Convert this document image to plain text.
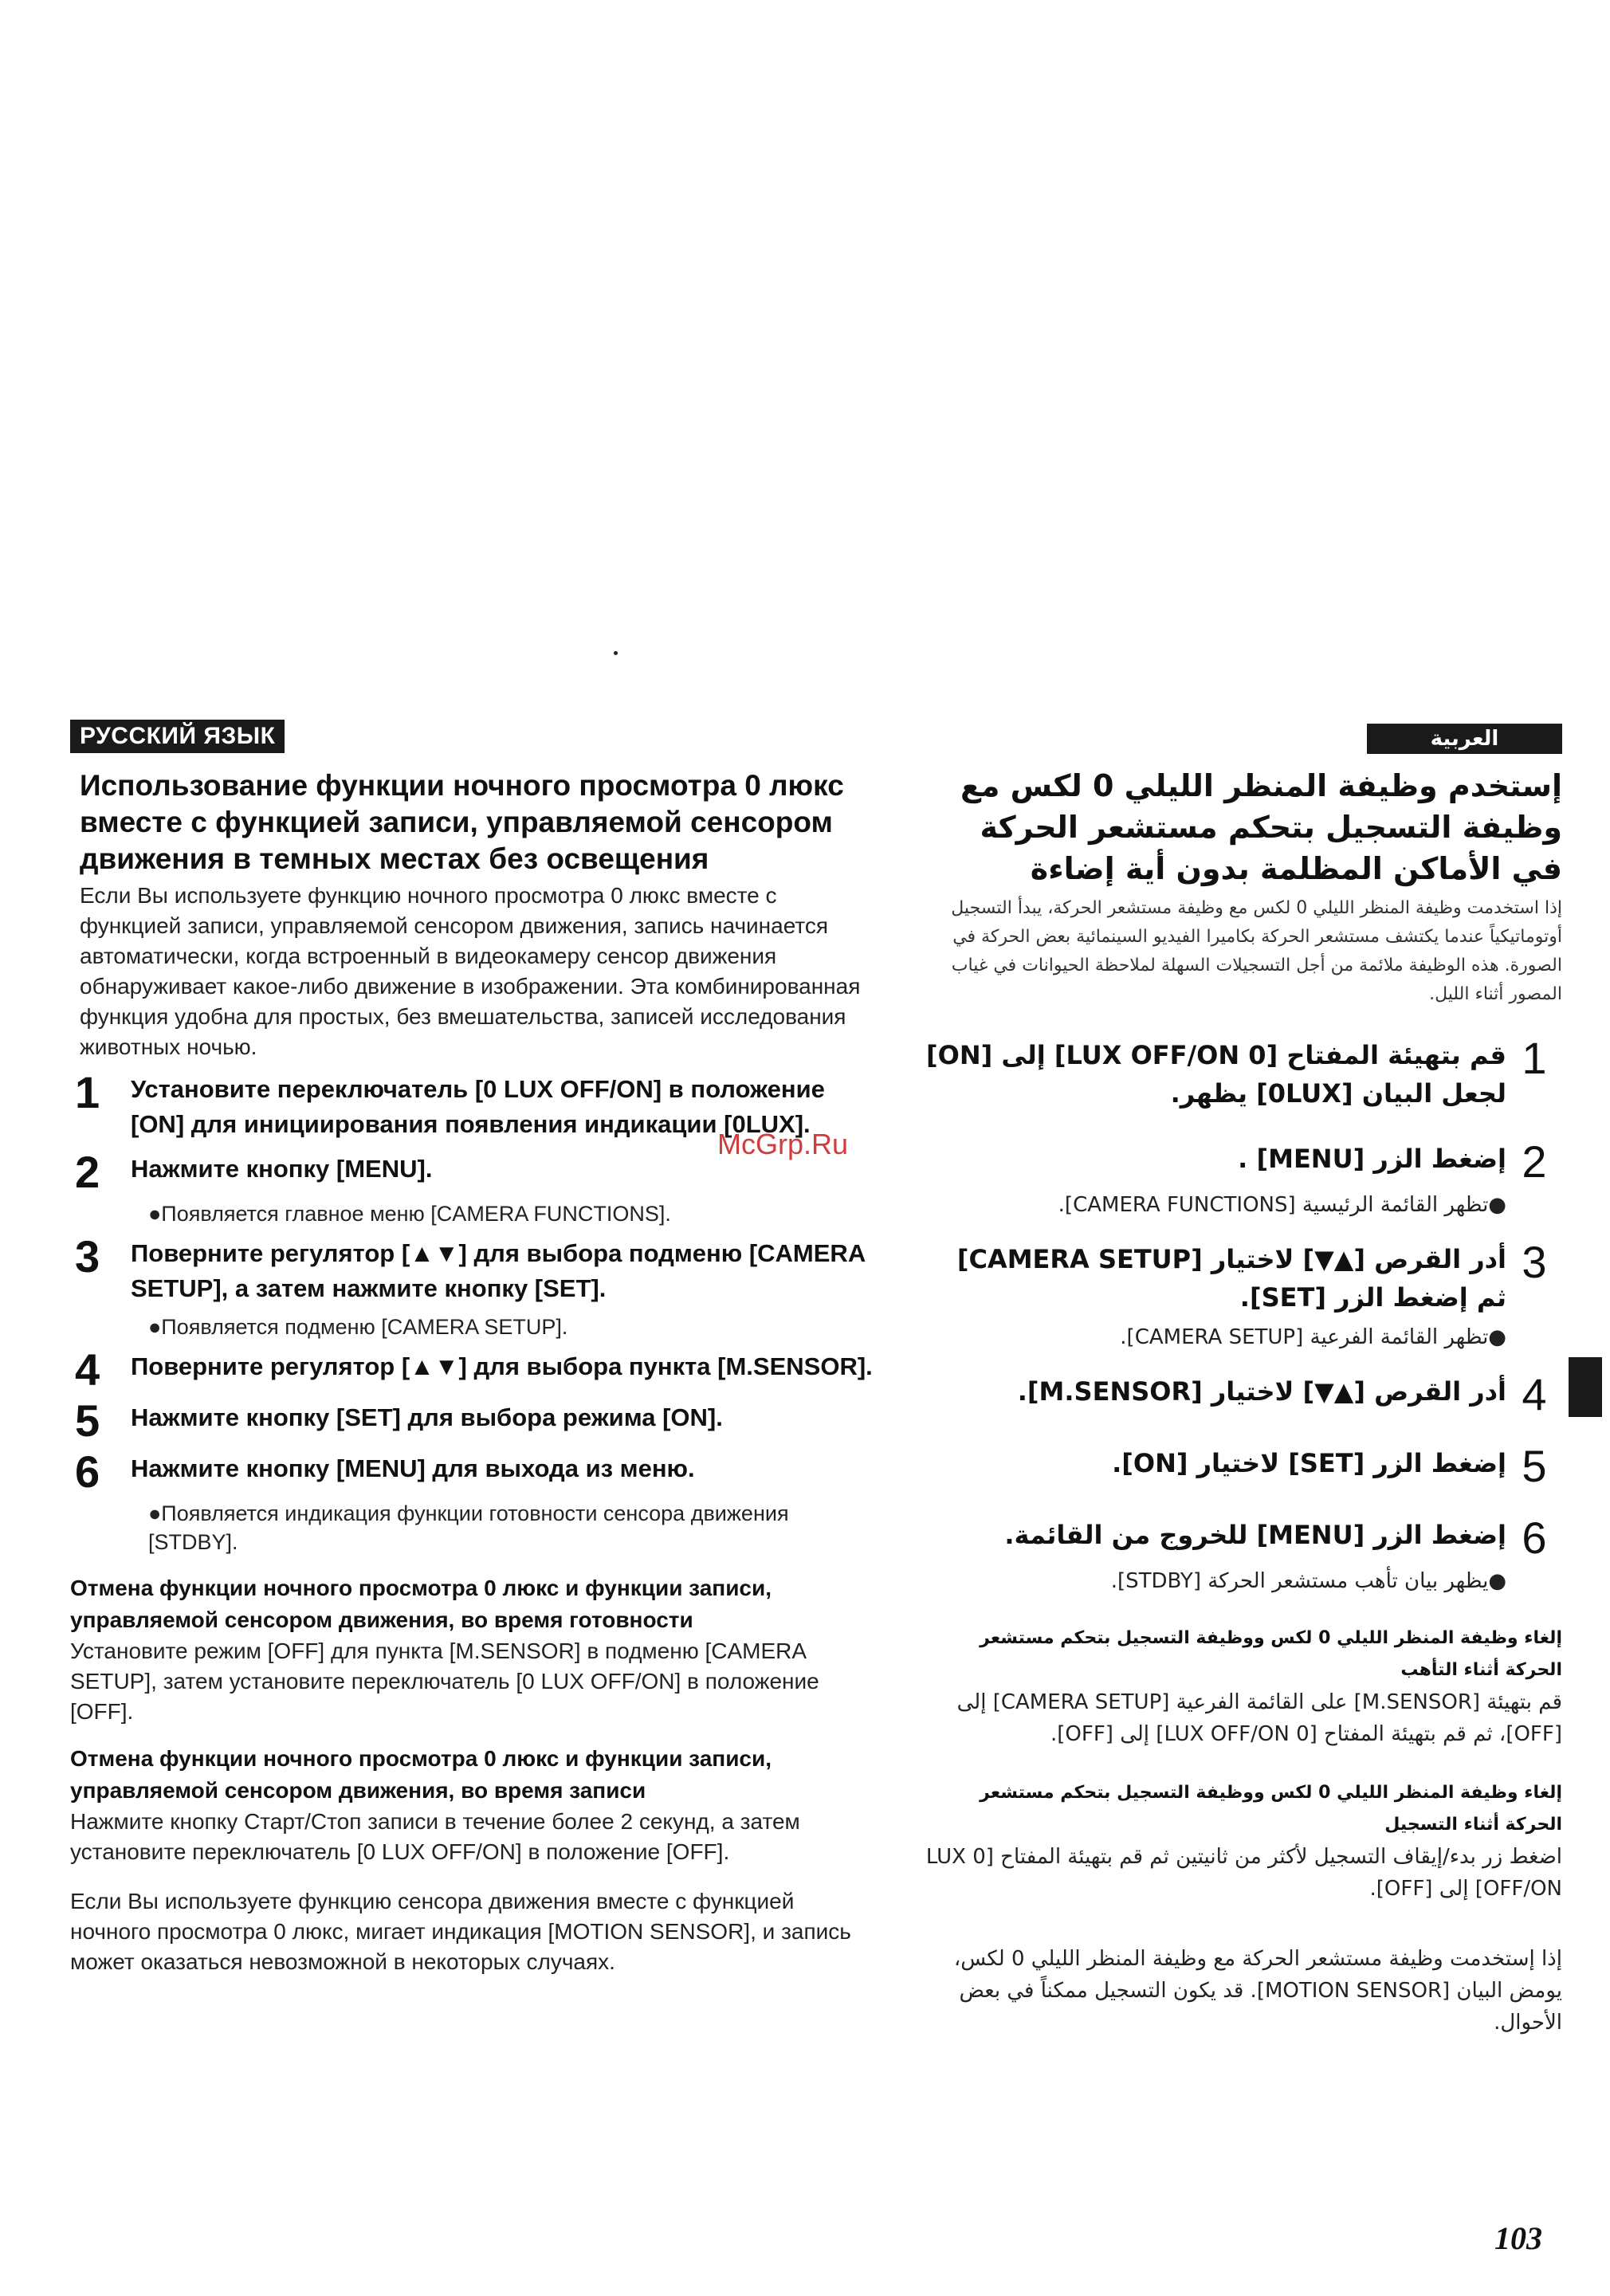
McGrp.Ru
РУССКИЙ ЯЗЫК
Использование функции ночного просмотра 0 люкс вместе с функцией записи, управляемой сенсором движения в темных местах без освещения

Если Вы используете функцию ночного просмотра 0 люкс вместе с функцией записи, управляемой сенсором движения, запись начинается автоматически, когда встроенный в видеокамеру сенсор движения обнаруживает какое-либо движение в изображении. Эта комбинированная функция удобна для простых, без вмешательства, записей исследования животных ночью.

1	Установите переключатель [0 LUX OFF/ON] в положение [ON] для инициирования появления индикации [0LUX].
2	Нажмите кнопку [MENU].
●Появляется главное меню [CAMERA FUNCTIONS].
3	Поверните регулятор [▲▼] для выбора подменю [CAMERA SETUP], а затем нажмите кнопку [SET].
●Появляется подменю [CAMERA SETUP].
4	Поверните регулятор [▲▼] для выбора пункта [M.SENSOR].
5	Нажмите кнопку [SET] для выбора режима [ON].
6	Нажмите кнопку [MENU] для выхода из меню.
●Появляется индикация функции готовности сенсора движения [STDBY].
Отмена функции ночного просмотра 0 люкс и функции записи, управляемой сенсором движения, во время готовности

Установите режим [OFF] для пункта [M.SENSOR] в подменю [CAMERA SETUP], затем установите переключатель [0 LUX OFF/ON] в положение [OFF].

Отмена функции ночного просмотра 0 люкс и функции записи, управляемой сенсором движения, во время записи

Нажмите кнопку Старт/Стоп записи в течение более 2 секунд, а затем установите переключатель [0 LUX OFF/ON] в положение [OFF].

Если Вы используете функцию сенсора движения вместе с функцией ночного просмотра 0 люкс, мигает индикация [MOTION SENSOR], и запись может оказаться невозможной в некоторых случаях.

العربية
إستخدم وظيفة المنظر الليلي 0 لكس مع وظيفة التسجيل بتحكم مستشعر الحركة في الأماكن المظلمة بدون أية إضاءة

إذا استخدمت وظيفة المنظر الليلي 0 لكس مع وظيفة مستشعر الحركة، يبدأ التسجيل أوتوماتيكياً عندما يكتشف مستشعر الحركة بكاميرا الفيديو السينمائية بعض الحركة في الصورة. هذه الوظيفة ملائمة من أجل التسجيلات السهلة لملاحظة الحيوانات في غياب المصور أثناء الليل.

1
قم بتهيئة المفتاح [0 LUX OFF/ON] إلى [ON] لجعل البيان [0LUX] يظهر.
2
إضغط الزر [MENU] .
●تظهر القائمة الرئيسية [CAMERA FUNCTIONS].
3
أدر القرص [▲▼] لاختيار [CAMERA SETUP] ثم إضغط الزر [SET].
●تظهر القائمة الفرعية [CAMERA SETUP].
4
أدر القرص [▲▼] لاختيار [M.SENSOR].
5
إضغط الزر [SET] لاختيار [ON].
6
إضغط الزر [MENU] للخروج من القائمة.
●يظهر بيان تأهب مستشعر الحركة [STDBY].
إلغاء وظيفة المنظر الليلي 0 لكس ووظيفة التسجيل بتحكم مستشعر الحركة أثناء التأهب

قم بتهيئة [M.SENSOR] على القائمة الفرعية [CAMERA SETUP] إلى [OFF]، ثم قم بتهيئة المفتاح [0 LUX OFF/ON] إلى [OFF].

إلغاء وظيفة المنظر الليلي 0 لكس ووظيفة التسجيل بتحكم مستشعر الحركة أثناء التسجيل

اضغط زر بدء/إيقاف التسجيل لأكثر من ثانيتين ثم قم بتهيئة المفتاح [0 LUX OFF/ON] إلى [OFF].

إذا إستخدمت وظيفة مستشعر الحركة مع وظيفة المنظر الليلي 0 لكس، يومض البيان [MOTION SENSOR]. قد يكون التسجيل ممكناً في بعض الأحوال.

103
